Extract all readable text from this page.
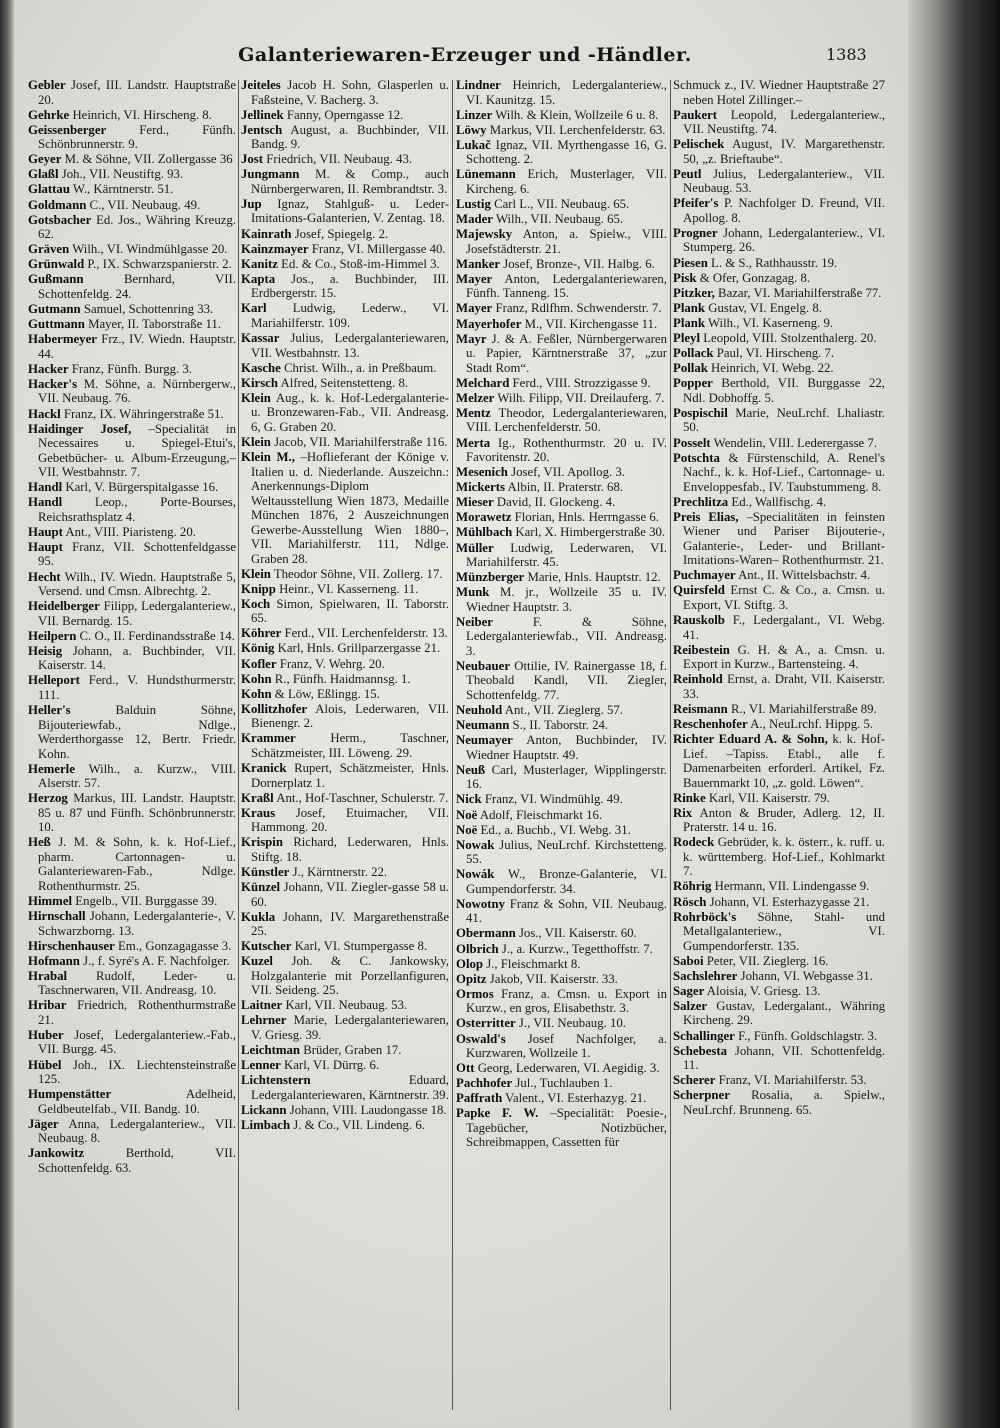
Galanteriewaren-Erzeuger und -Händler.	1383
Gebler Josef, III. Landstr. Hauptstraße 20.
Gehrke Heinrich, VI. Hirscheng. 8.
Geissenberger	Ferd., Fünfh. Schönbrunnerstr. 9.
Geyer M. & Söhne, VII. Zollergasse 36
Glaßl Joh., VII. Neustiftg. 93.
Glattau W., Kärntnerstr. 51.
Goldmann C., VII. Neubaug. 49.
Gotsbacher Ed. Jos., Währing Kreuzg. 62.
Gräven Wilh., VI. Windmühlgasse 20.
Grünwald P., IX. Schwarzspanierstr. 2.
Gußmann	Bernhard, VII. Schottenfeldg. 24.
Gutmann Samuel, Schottenring 33.
Guttmann Mayer, II. Taborstraße 11.
Habermeyer Frz., IV. Wiedn. Hauptstr. 44.
Hacker Franz, Fünfh. Burgg. 3.
Hacker's M. Söhne, a. Nürnbergerw., VII. Neubaug. 76.
Hackl Franz, IX. Währingerstraße 51.
Haidinger Josef, –Specialität in Necessaires u. Spiegel-Etui's, Gebetbücher- u. Album-Erzeugung,– VII. Westbahnstr. 7.
Handl Karl, V. Bürgerspitalgasse 16.
Handl	Leop., Porte-Bourses, Reichsrathsplatz 4.
Haupt Ant., VIII. Piaristeng. 20.
Haupt Franz, VII. Schottenfeldgasse 95.
Hecht Wilh., IV. Wiedn. Hauptstraße 5, Versend. und Cmsn. Albrechtg. 2.
Heidelberger Filipp, Ledergalanteriew., VII. Bernardg. 15.
Heilpern C. O., II. Ferdinandsstraße 14.
Heisig Johann, a. Buchbinder, VII. Kaiserstr. 14.
Helleport Ferd., V. Hundsthurmerstr. 111.
Heller's	Balduin Söhne, Bijouteriewfab., Ndlge., Werderthorgasse 12, Bertr. Friedr. Kohn.
Hemerle Wilh., a. Kurzw., VIII. Alserstr. 57.
Herzog Markus, III. Landstr. Hauptstr. 85 u. 87 und Fünfh. Schönbrunnerstr. 10.
Heß J. M. & Sohn, k. k. Hof-Lief., pharm. Cartonnagen- u. Galanteriewaren-Fab., Ndlge. Rothenthurmstr. 25.
Himmel Engelb., VII. Burggasse 39.
Hirnschall Johann, Ledergalanterie-, V. Schwarzborng. 13.
Hirschenhauser Em., Gonzagagasse 3.
Hofmann J., f. Syré's A. F. Nachfolger.
Hrabal Rudolf, Leder- u. Taschnerwaren, VII. Andreasg. 10.
Hribar Friedrich, Rothenthurmstraße 21.
Huber Josef, Ledergalanteriew.-Fab., VII. Burgg. 45.
Hübel Joh., IX. Liechtensteinstraße 125.
Humpenstätter	Adelheid, Geldbeutelfab., VII. Bandg. 10.
Jäger Anna, Ledergalanteriew., VII. Neubaug. 8.
Jankowitz	Berthold, VII. Schottenfeldg. 63.
Jeiteles Jacob H. Sohn, Glasperlen u. Faßsteine, V. Bacherg. 3.
Jellinek Fanny, Operngasse 12.
Jentsch August, a. Buchbinder, VII. Bandg. 9.
Jost Friedrich, VII. Neubaug. 43.
Jungmann M. & Comp., auch Nürnbergerwaren, II. Rembrandtstr. 3.
Jup Ignaz, Stahlguß- u. Leder-Imitations-Galanterien, V. Zentag. 18.
Kainrath Josef, Spiegelg. 2.
Kainzmayer Franz, VI. Millergasse 40.
Kanitz Ed. & Co., Stoß-im-Himmel 3.
Kapta Jos., a. Buchbinder, III. Erdbergerstr. 15.
Karl Ludwig, Lederw., VI. Mariahilferstr. 109.
Kassar Julius, Ledergalanteriewaren, VII. Westbahnstr. 13.
Kasche Christ. Wilh., a. in Preßbaum.
Kirsch Alfred, Seitenstetteng. 8.
Klein Aug., k. k. Hof-Ledergalanterie- u. Bronzewaren-Fab., VII. Andreasg. 6, G. Graben 20.
Klein Jacob, VII. Mariahilferstraße 116.
Klein M., –Hoflieferant der Könige v. Italien u. d. Niederlande. Auszeichn.: Anerkennungs-Diplom Weltausstellung Wien 1873, Medaille München 1876, 2 Auszeichnungen Gewerbe-Ausstellung Wien 1880–, VII. Mariahilferstr. 111, Ndlge. Graben 28.
Klein Theodor Söhne, VII. Zollerg. 17.
Knipp Heinr., VI. Kasserneng. 11.
Koch Simon, Spielwaren, II. Taborstr. 65.
Köhrer Ferd., VII. Lerchenfelderstr. 13.
König Karl, Hnls. Grillparzergasse 21.
Kofler Franz, V. Wehrg. 20.
Kohn R., Fünfh. Haidmannsg. 1.
Kohn & Löw, Eßlingg. 15.
Kollitzhofer Alois, Lederwaren, VII. Bienengr. 2.
Krammer	Herm., Taschner, Schätzmeister, III. Löweng. 29.
Kranick Rupert, Schätzmeister, Hnls. Dornerplatz 1.
Kraßl Ant., Hof-Taschner, Schulerstr. 7.
Kraus Josef, Etuimacher, VII. Hammong. 20.
Krispin Richard, Lederwaren, Hnls. Stiftg. 18.
Künstler J., Kärntnerstr. 22.
Künzel Johann, VII. Ziegler-gasse 58 u. 60.
Kukla Johann, IV. Margarethenstraße 25.
Kutscher Karl, VI. Stumpergasse 8.
Kuzel Joh. & C. Jankowsky, Holzgalanterie mit Porzellanfiguren, VII. Seideng. 25.
Laitner Karl, VII. Neubaug. 53.
Lehrner Marie, Ledergalanteriewaren, V. Griesg. 39.
Leichtman Brüder, Graben 17.
Lenner Karl, VI. Dürrg. 6.
Lichtenstern	Eduard, Ledergalanteriewaren, Kärntnerstr. 39.
Lickann Johann, VIII. Laudongasse 18.
Limbach J. & Co., VII. Lindeng. 6.
Lindner Heinrich, Ledergalanteriew., VI. Kaunitzg. 15.
Linzer Wilh. & Klein, Wollzeile 6 u. 8.
Löwy Markus, VII. Lerchenfelderstr. 63.
Lukač Ignaz, VII. Myrthengasse 16, G. Schotteng. 2.
Lünemann Erich, Musterlager, VII. Kircheng. 6.
Lustig Carl L., VII. Neubaug. 65.
Mader Wilh., VII. Neubaug. 65.
Majewsky Anton, a. Spielw., VIII. Josefstädterstr. 21.
Manker Josef, Bronze-, VII. Halbg. 6.
Mayer Anton, Ledergalanteriewaren, Fünfh. Tanneng. 15.
Mayer Franz, Rdlfhm. Schwenderstr. 7.
Mayerhofer M., VII. Kirchengasse 11.
Mayr J. & A. Feßler, Nürnbergerwaren u. Papier, Kärntnerstraße 37, „zur Stadt Rom“.
Melchard Ferd., VIII. Strozzigasse 9.
Melzer Wilh. Filipp, VII. Dreilauferg. 7.
Mentz Theodor, Ledergalanteriewaren, VIII. Lerchenfelderstr. 50.
Merta Ig., Rothenthurmstr. 20 u. IV. Favoritenstr. 20.
Mesenich Josef, VII. Apollog. 3.
Mickerts Albin, II. Praterstr. 68.
Mieser David, II. Glockeng. 4.
Morawetz Florian, Hnls. Herrngasse 6.
Mühlbach Karl, X. Himbergerstraße 30.
Müller Ludwig, Lederwaren, VI. Mariahilferstr. 45.
Münzberger Marie, Hnls. Hauptstr. 12.
Munk M. jr., Wollzeile 35 u. IV. Wiedner Hauptstr. 3.
Neiber	F. & Söhne, Ledergalanteriewfab., VII. Andreasg. 3.
Neubauer Ottilie, IV. Rainergasse 18, f. Theobald Kandl, VII. Ziegler, Schottenfeldg. 77.
Neuhold Ant., VII. Zieglerg. 57.
Neumann S., II. Taborstr. 24.
Neumayer Anton, Buchbinder, IV. Wiedner Hauptstr. 49.
Neuß Carl, Musterlager, Wipplingerstr. 16.
Nick Franz, VI. Windmühlg. 49.
Noë Adolf, Fleischmarkt 16.
Noë Ed., a. Buchb., VI. Webg. 31.
Nowak Julius, NeuLrchf. Kirchstetteng. 55.
Nowák W., Bronze-Galanterie, VI. Gumpendorferstr. 34.
Nowotny Franz & Sohn, VII. Neubaug. 41.
Obermann Jos., VII. Kaiserstr. 60.
Olbrich J., a. Kurzw., Tegetthoffstr. 7.
Olop J., Fleischmarkt 8.
Opitz Jakob, VII. Kaiserstr. 33.
Ormos Franz, a. Cmsn. u. Export in Kurzw., en gros, Elisabethstr. 3.
Osterritter J., VII. Neubaug. 10.
Oswald's Josef Nachfolger, a. Kurzwaren, Wollzeile 1.
Ott Georg, Lederwaren, VI. Aegidig. 3.
Pachhofer Jul., Tuchlauben 1.
Paffrath Valent., VI. Esterhazyg. 21.
Papke F. W. –Specialität: Poesie-, Tagebücher, Notizbücher, Schreibmappen, Cassetten für
Schmuck z., IV. Wiedner Hauptstraße 27 neben Hotel Zillinger.–
Paukert Leopold, Ledergalanteriew., VII. Neustiftg. 74.
Pelischek August, IV. Margarethenstr. 50, „z. Brieftaube“.
Peutl Julius, Ledergalanteriew., VII. Neubaug. 53.
Pfeifer's P. Nachfolger D. Freund, VII. Apollog. 8.
Progner Johann, Ledergalanteriew., VI. Stumperg. 26.
Piesen L. & S., Rathhausstr. 19.
Pisk & Ofer, Gonzagag. 8.
Pitzker, Bazar, VI. Mariahilferstraße 77.
Plank Gustav, VI. Engelg. 8.
Plank Wilh., VI. Kaserneng. 9.
Pleyl Leopold, VIII. Stolzenthalerg. 20.
Pollack Paul, VI. Hirscheng. 7.
Pollak Heinrich, VI. Webg. 22.
Popper Berthold, VII. Burggasse 22, Ndl. Dobhoffg. 5.
Pospischil Marie, NeuLrchf. Lhaliastr. 50.
Posselt Wendelin, VIII. Lederergasse 7.
Potschta & Fürstenschild, A. Renel's Nachf., k. k. Hof-Lief., Cartonnage- u. Enveloppesfab., IV. Taubstummeng. 8.
Prechlitza Ed., Wallfischg. 4.
Preis Elias, –Specialitäten in feinsten Wiener und Pariser Bijouterie-, Galanterie-, Leder- und Brillant-Imitations-Waren– Rothenthurmstr. 21.
Puchmayer Ant., II. Wittelsbachstr. 4.
Quirsfeld Ernst C. & Co., a. Cmsn. u. Export, VI. Stiftg. 3.
Rauskolb F., Ledergalant., VI. Webg. 41.
Reibestein G. H. & A., a. Cmsn. u. Export in Kurzw., Bartensteing. 4.
Reinhold Ernst, a. Draht, VII. Kaiserstr. 33.
Reismann R., VI. Mariahilferstraße 89.
Reschenhofer A., NeuLrchf. Hippg. 5.
Richter Eduard A. & Sohn, k. k. Hof-Lief. –Tapiss. Etabl., alle f. Damenarbeiten erforderl. Artikel, Fz. Bauernmarkt 10, „z. gold. Löwen“.
Rinke Karl, VII. Kaiserstr. 79.
Rix Anton & Bruder, Adlerg. 12, II. Praterstr. 14 u. 16.
Rodeck Gebrüder, k. k. österr., k. ruff. u. k. württemberg. Hof-Lief., Kohlmarkt 7.
Röhrig Hermann, VII. Lindengasse 9.
Rösch Johann, VI. Esterhazygasse 21.
Rohrböck's Söhne, Stahl- und Metallgalanteriew., VI. Gumpendorferstr. 135.
Saboi Peter, VII. Zieglerg. 16.
Sachslehrer Johann, VI. Webgasse 31.
Sager Aloisia, V. Griesg. 13.
Salzer Gustav, Ledergalant., Währing Kircheng. 29.
Schallinger F., Fünfh. Goldschlagstr. 3.
Schebesta Johann, VII. Schottenfeldg. 11.
Scherer Franz, VI. Mariahilferstr. 53.
Scherpner Rosalia, a. Spielw., NeuLrchf. Brunneng. 65.
